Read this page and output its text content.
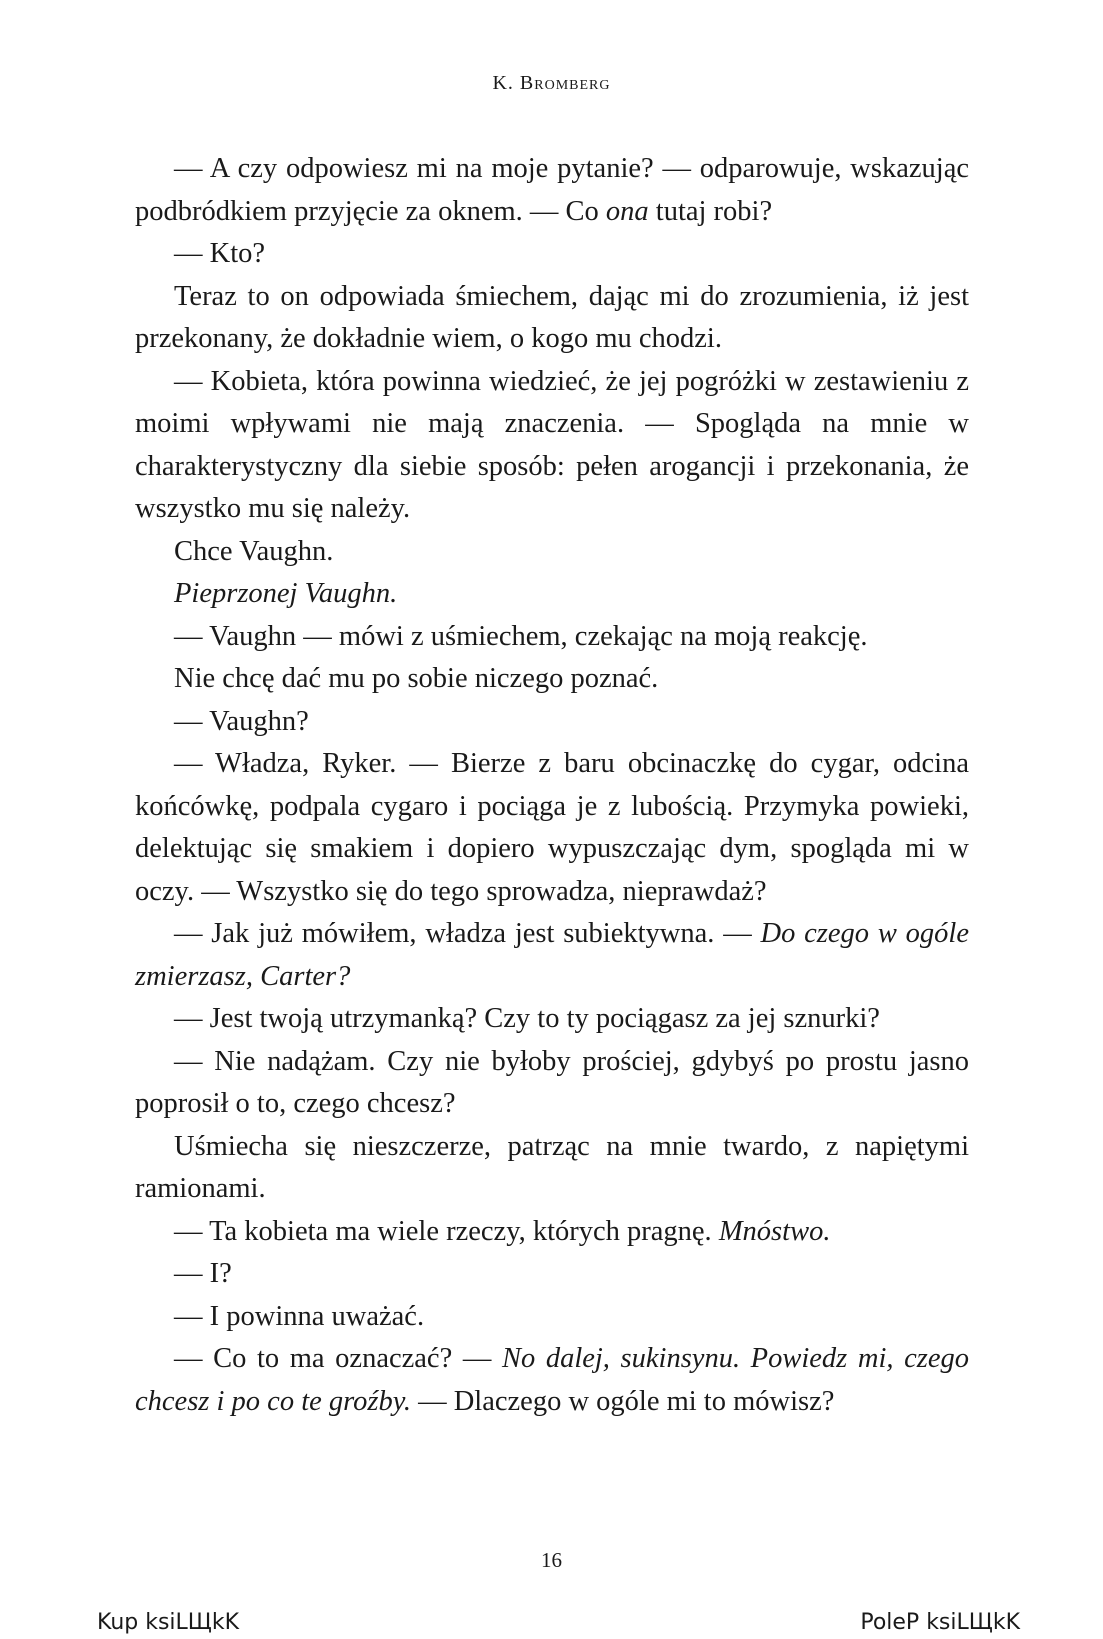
K. Bromberg

— A czy odpowiesz mi na moje pytanie? — odparowuje, wskazując podbródkiem przyjęcie za oknem. — Co ona tutaj robi?

— Kto?

Teraz to on odpowiada śmiechem, dając mi do zrozumienia, iż jest przekonany, że dokładnie wiem, o kogo mu chodzi.

— Kobieta, która powinna wiedzieć, że jej pogróżki w zestawieniu z moimi wpływami nie mają znaczenia. — Spogląda na mnie w charakterystyczny dla siebie sposób: pełen arogancji i przekonania, że wszystko mu się należy.

Chce Vaughn.

Pieprzonej Vaughn.

— Vaughn — mówi z uśmiechem, czekając na moją reakcję.

Nie chcę dać mu po sobie niczego poznać.

— Vaughn?

— Władza, Ryker. — Bierze z baru obcinaczkę do cygar, odcina końcówkę, podpala cygaro i pociąga je z lubością. Przymyka powieki, delektując się smakiem i dopiero wypuszczając dym, spogląda mi w oczy. — Wszystko się do tego sprowadza, nieprawdaż?

— Jak już mówiłem, władza jest subiektywna. — Do czego w ogóle zmierzasz, Carter?

— Jest twoją utrzymanką? Czy to ty pociągasz za jej sznurki?

— Nie nadążam. Czy nie byłoby prościej, gdybyś po prostu jasno poprosił o to, czego chcesz?

Uśmiecha się nieszczerze, patrząc na mnie twardo, z napiętymi ramionami.

— Ta kobieta ma wiele rzeczy, których pragnę. Mnóstwo.

— I?

— I powinna uważać.

— Co to ma oznaczać? — No dalej, sukinsynu. Powiedz mi, czego chcesz i po co te groźby. — Dlaczego w ogóle mi to mówisz?

16
Kup ksiLЩkK	PoleP ksiLЩkK
